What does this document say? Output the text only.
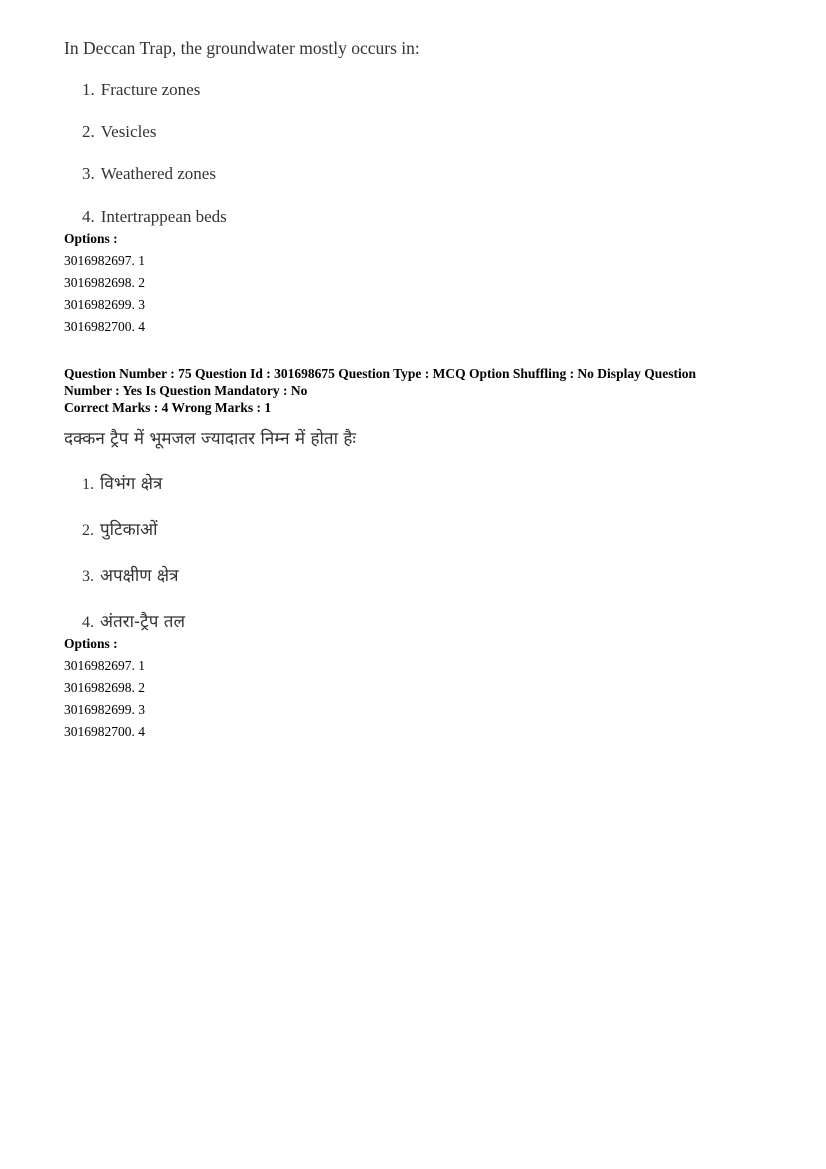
In Deccan Trap, the groundwater mostly occurs in:
1. Fracture zones
2. Vesicles
3. Weathered zones
4. Intertrappean beds
Options :
3016982697. 1
3016982698. 2
3016982699. 3
3016982700. 4
Question Number : 75 Question Id : 301698675 Question Type : MCQ Option Shuffling : No Display Question
Number : Yes Is Question Mandatory : No
Correct Marks : 4 Wrong Marks : 1
दक्कन ट्रैप में भूमजल ज्यादातर निम्न में होता हैः
1. विभंग क्षेत्र
2. पुटिकाओं
3. अपक्षीण क्षेत्र
4. अंतरा-ट्रैप तल
Options :
3016982697. 1
3016982698. 2
3016982699. 3
3016982700. 4
